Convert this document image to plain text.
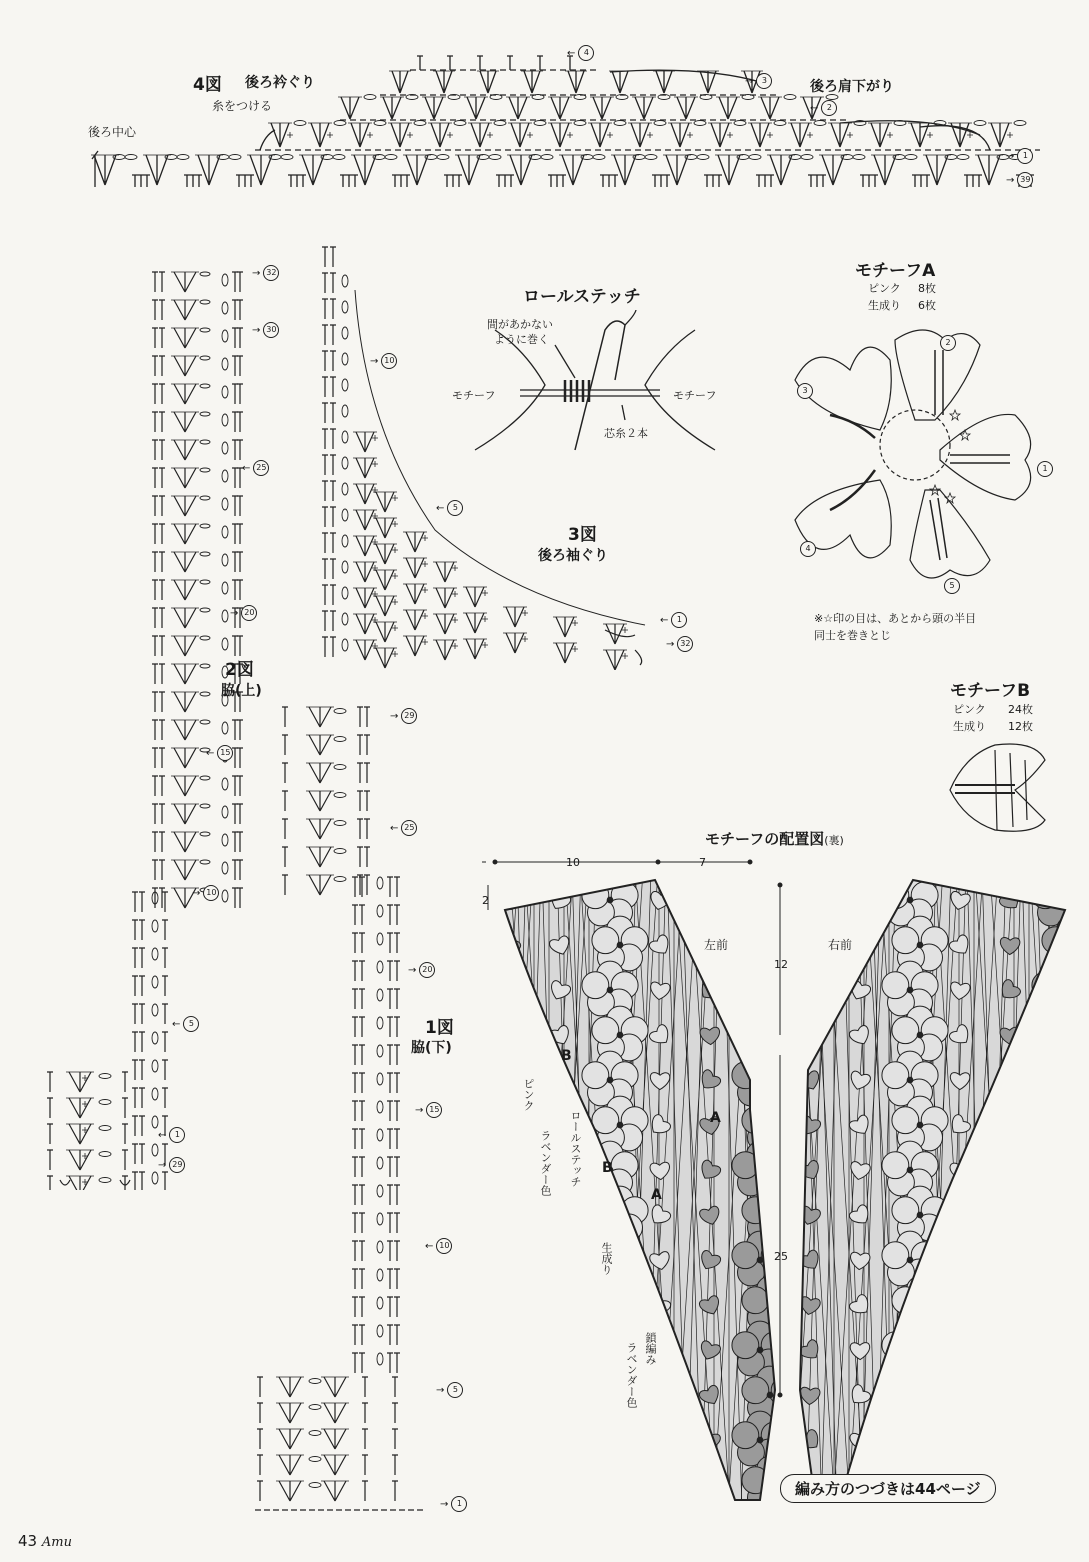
4図 後ろ衿ぐり
糸をつける
後ろ中心
後ろ肩下がり
←	4
→	3
←	2
→	1
→ 39
2図
脇(上)
→ 32
→ 30
← 25
→ 20
← 15
→ 10
←	5
←	1
→ 29
3図
後ろ袖ぐり
→ 10
←	5
←	1
→ 32
1図
脇(下)
→ 29
← 25
→ 20
→ 15
← 10
→	5
→	1
ロールステッチ
間があかない
ように巻く
モチーフ	モチーフ
芯糸２本
モチーフA
ピンク 8枚
生成り 6枚
2
3
1
4
5
※☆印の目は、あとから頭の半目
同士を巻きとじ
モチーフB
ピンク 24枚
生成り 12枚
モチーフの配置図(裏)
10	7
2
12
25
左前	右前
A
A
B
B
ピンク
ロールステッチ
ラベンダー色
生成り
鎖編み
ラベンダー色
編み方のつづきは44ページ
43 Amu
